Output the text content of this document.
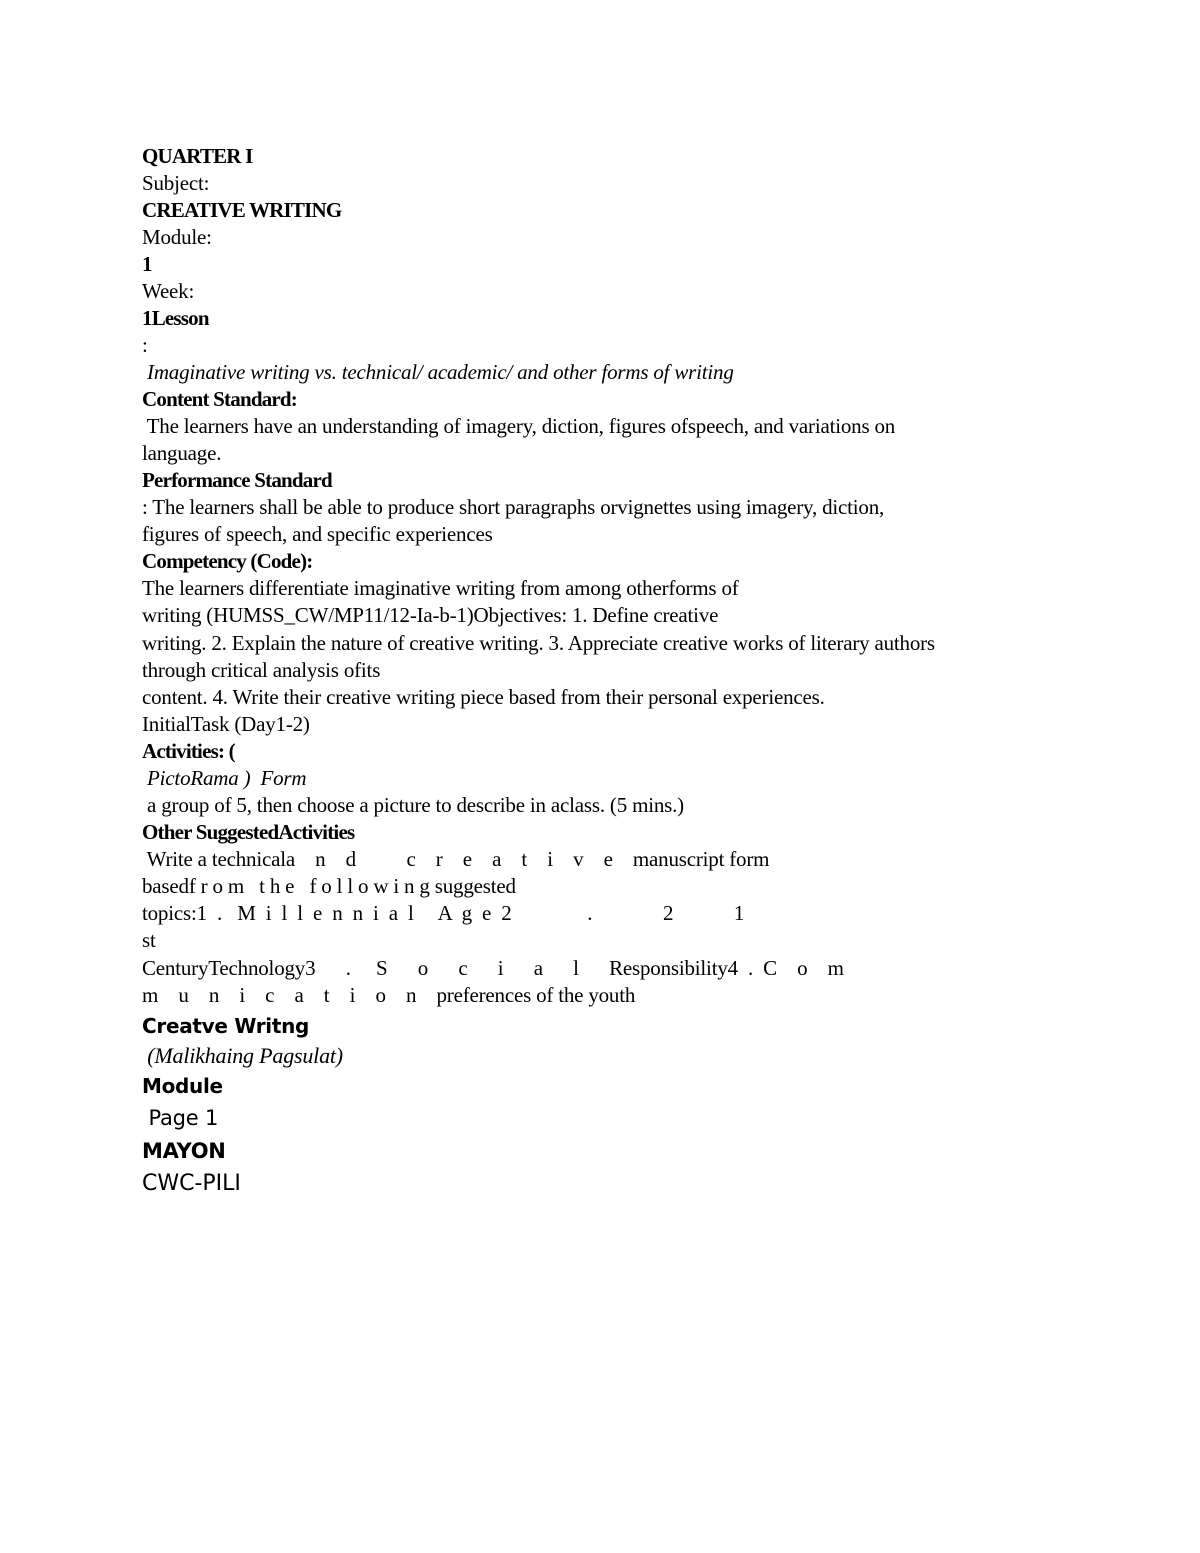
QUARTER I
Subject:
CREATIVE WRITING
Module:
1
Week:
1Lesson
:
Imaginative writing vs. technical/ academic/ and other forms of writing
Content Standard:
The learners have an understanding of imagery, diction, figures ofspeech, and variations on
language.
Performance Standard
: The learners shall be able to produce short paragraphs orvignettes using imagery, diction,
figures of speech, and specific experiences
Competency (Code):
The learners differentiate imaginative writing from among otherforms of
writing (HUMSS_CW/MP11/12-Ia-b-1)Objectives: 1. Define creative
writing. 2. Explain the nature of creative writing. 3. Appreciate creative works of literary authors
through critical analysis ofits
content. 4. Write their creative writing piece based from their personal experiences.
InitialTask (Day1-2)
Activities: (
PictoRama )  Form
a group of 5, then choose a picture to describe in aclass. (5 mins.)
Other SuggestedActivities
Write a technicala    n    d          c    r    e    a    t    i    v    e    manuscript form
basedf r o m   t h e   f o l l o w i n g suggested
topics:1  .   M  i  l  l  e  n  n  i  a  l     A  g  e  2               .              2            1
st
CenturyTechnology3      .     S      o      c      i      a      l      Responsibility4  .  C    o    m
m    u    n    i    c    a    t    i    o    n    preferences of the youth
Creatve Writng
(Malikhaing Pagsulat)
Module
Page 1
MAYON
CWC-PILI
